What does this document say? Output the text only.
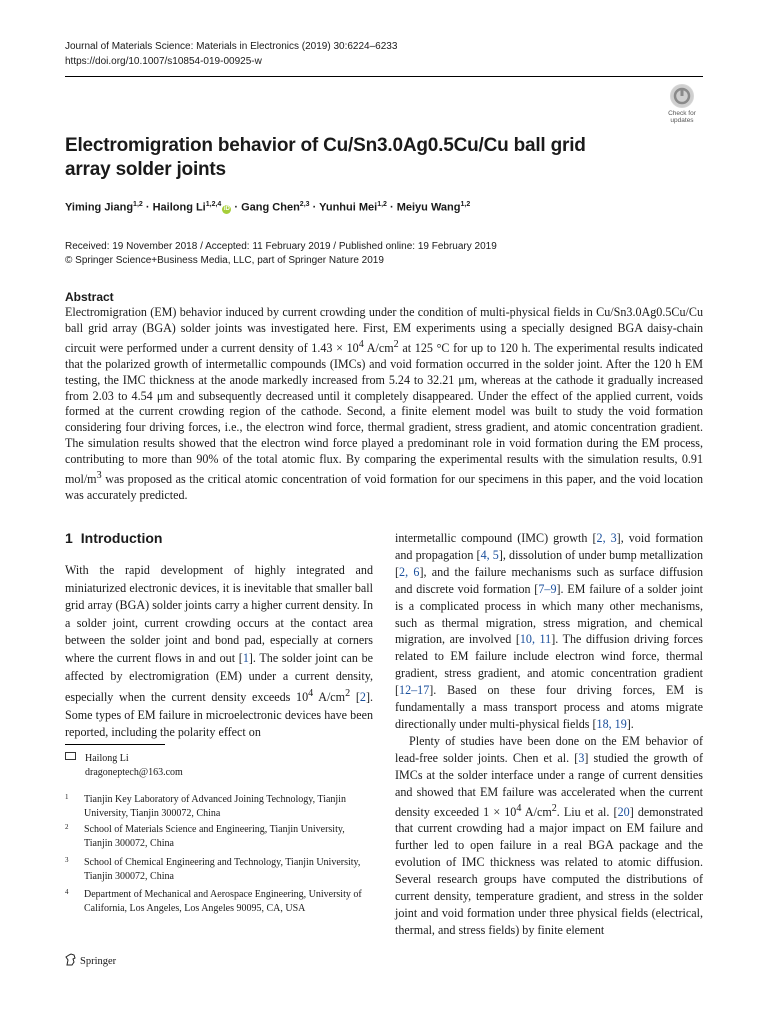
Journal of Materials Science: Materials in Electronics (2019) 30:6224–6233
https://doi.org/10.1007/s10854-019-00925-w
Check for
updates
Electromigration behavior of Cu/Sn3.0Ag0.5Cu/Cu ball grid array solder joints
Yiming Jiang$^{1,2}$ · Hailong Li$^{1,2,4}$iD · Gang Chen$^{2,3}$ · Yunhui Mei$^{1,2}$ · Meiyu Wang$^{1,2}$
Received: 19 November 2018 / Accepted: 11 February 2019 / Published online: 19 February 2019
© Springer Science+Business Media, LLC, part of Springer Nature 2019
Abstract
Electromigration (EM) behavior induced by current crowding under the condition of multi-physical fields in Cu/Sn3.0Ag0.5Cu/Cu ball grid array (BGA) solder joints was investigated here. First, EM experiments using a specially designed BGA daisy-chain circuit were performed under a current density of $1.43 \times 10^4$ $A/cm^2$ at 125 °C for up to 120 h. The experimental results indicated that the polarized growth of intermetallic compounds (IMCs) and void formation occurred in the solder joint. After the 120 h EM testing, the IMC thickness at the anode markedly increased from 5.24 to 32.21 μm, whereas at the cathode it gradually increased from 2.03 to 4.54 μm and subsequently decreased until it completely disappeared. Under the effect of the applied current, voids formed at the current crowding region of the cathode. Second, a finite element model was built to study the void formation considering four driving forces, i.e., the electron wind force, thermal gradient, stress gradient, and atomic concentration gradient. The simulation results showed that the electron wind force played a predominant role in void formation during the EM process, contributing to more than 90% of the total atomic flux. By comparing the experimental results with the simulation results, 0.91 mol/$m^3$ was proposed as the critical atomic concentration of void formation for our specimens in this paper, and the void location was accurately predicted.
1 Introduction
With the rapid development of highly integrated and miniaturized electronic devices, it is inevitable that smaller ball grid array (BGA) solder joints carry a higher current density. In a solder joint, current crowding occurs at the contact area between the solder joint and bond pad, especially at corners where the current flows in and out [1]. The solder joint can be affected by electromigration (EM) under a current density, especially when the current density exceeds $10^4$ $A/cm^2$ [2]. Some types of EM failure in microelectronic devices have been reported, including the polarity effect on

intermetallic compound (IMC) growth [2, 3], void formation and propagation [4, 5], dissolution of under bump metallization [2, 6], and the failure mechanisms such as surface diffusion and discrete void formation [7–9]. EM failure of a solder joint is a complicated process in which many other mechanisms, such as thermal migration, stress migration, and chemical migration, are involved [10, 11]. The diffusion driving forces related to EM failure include electron wind force, thermal gradient, stress gradient, and atomic concentration gradient [12–17]. Based on these four driving forces, EM is fundamentally a mass transport process and atoms migrate directionally under multi-physical fields [18, 19].

Plenty of studies have been done on the EM behavior of lead-free solder joints. Chen et al. [3] studied the growth of IMCs at the solder interface under a range of current densities and showed that EM failure was accelerated when the current density exceeded $1 \times 10^4$ $A/cm^2$. Liu et al. [20] demonstrated that current crowding had a major impact on EM failure and further led to open failure in a real BGA package and the evolution of IMC thickness was related to atomic diffusion. Several research groups have computed the distributions of current density, temperature gradient, and stress in the solder joint and void formation under three physical fields (electrical, thermal, and stress fields) by finite element

Hailong Li
dragoneptech@163.com
1 Tianjin Key Laboratory of Advanced Joining Technology, Tianjin University, Tianjin 300072, China
2 School of Materials Science and Engineering, Tianjin University, Tianjin 300072, China
3 School of Chemical Engineering and Technology, Tianjin University, Tianjin 300072, China
4 Department of Mechanical and Aerospace Engineering, University of California, Los Angeles, Los Angeles 90095, CA, USA
Springer
